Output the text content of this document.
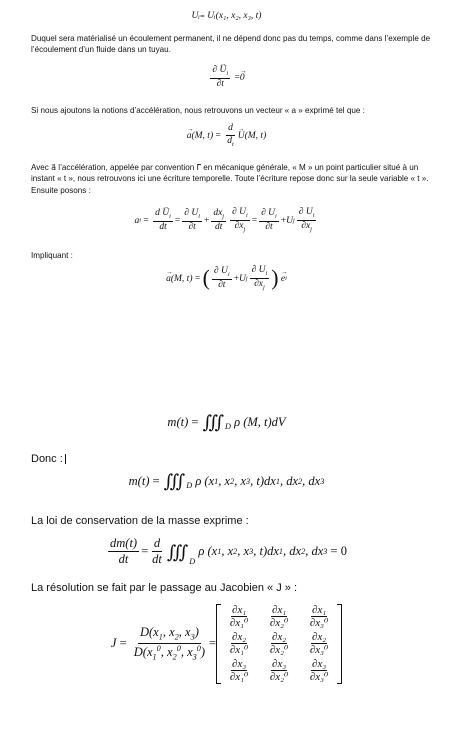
Uᵢ₌ Uᵢ(x₁, x₂, x₃, t)
Duquel sera matérialisé un écoulement permanent, il ne dépend donc pas du temps, comme dans l’exemple de l’écoulement d’un fluide dans un tuyau.
$\frac{\partial \to U_i}{\partial t}$ =
→ 0
Si nous ajoutons la notions d’accélération, nous retrouvons un vecteur « a » exprimé tel que :
→ a (M, $t) = \frac{d}{d_t}$
→ U (M, t)
Avec a⃗ l’accélération, appelée par convention Γ⃗ en mécanique générale, « M » un point particulier situé à un instant « t », nous retrouvons ici une écriture temporelle. Toute l’écriture repose donc sur la seule variable « t ». Ensuite posons :
a $i = \frac{d \to U_i}{dt} = \frac{\partial U_i}{\partial t} + \frac{dx_j}{dt} \frac{\partial U_i}{\partial x_j} = \frac{\partial U_i}{\partial t} + U$ j $\frac{\partial U_i}{\partial x_j}$
Impliquant :
→ a (M, t) = ( $\frac{\partial U_i}{\partial t} + U$ j $\frac{\partial U_i}{\partial x_j}$ )

→ e i
$m(t) = ∭_D$ ρ (M, t)dV
Donc :
$m(t) = ∭_D$ ρ ($x^1$ , x 2 , x 3 , t)dx 1 , dx 2 , dx 3
La loi de conservation de la masse exprime :
$\frac{dm(t)}{dt} = \frac{d}{dt}$ ∭
$_D$
ρ (x 1 , x 2 , x 3 , t)dx 1 , dx 2 , dx 3 = 0
La résolution se fait par le passage au Jacobien « J » :
$J = \frac{D(x_1, x_2, x_3)}{D(x_1^0, x_2^0, x_3^0)}$ =
$\frac{\text{∂x₁}}{\text{∂x₁⁰}} \frac{\text{∂x₁}}{\text{∂x₂⁰}} \frac{\text{∂x₁}}{\text{∂x₃⁰}}$
$\frac{\text{∂x₂}}{\text{∂x₁⁰}} \frac{\text{∂x₂}}{\text{∂x₂⁰}} \frac{\text{∂x₂}}{\text{∂x₃⁰}}$
$\frac{\text{∂x₃}}{\text{∂x₁⁰}} \frac{\text{∂x₃}}{\text{∂x₂⁰}} \frac{\text{∂x₃}}{\text{∂x₃⁰}}$
